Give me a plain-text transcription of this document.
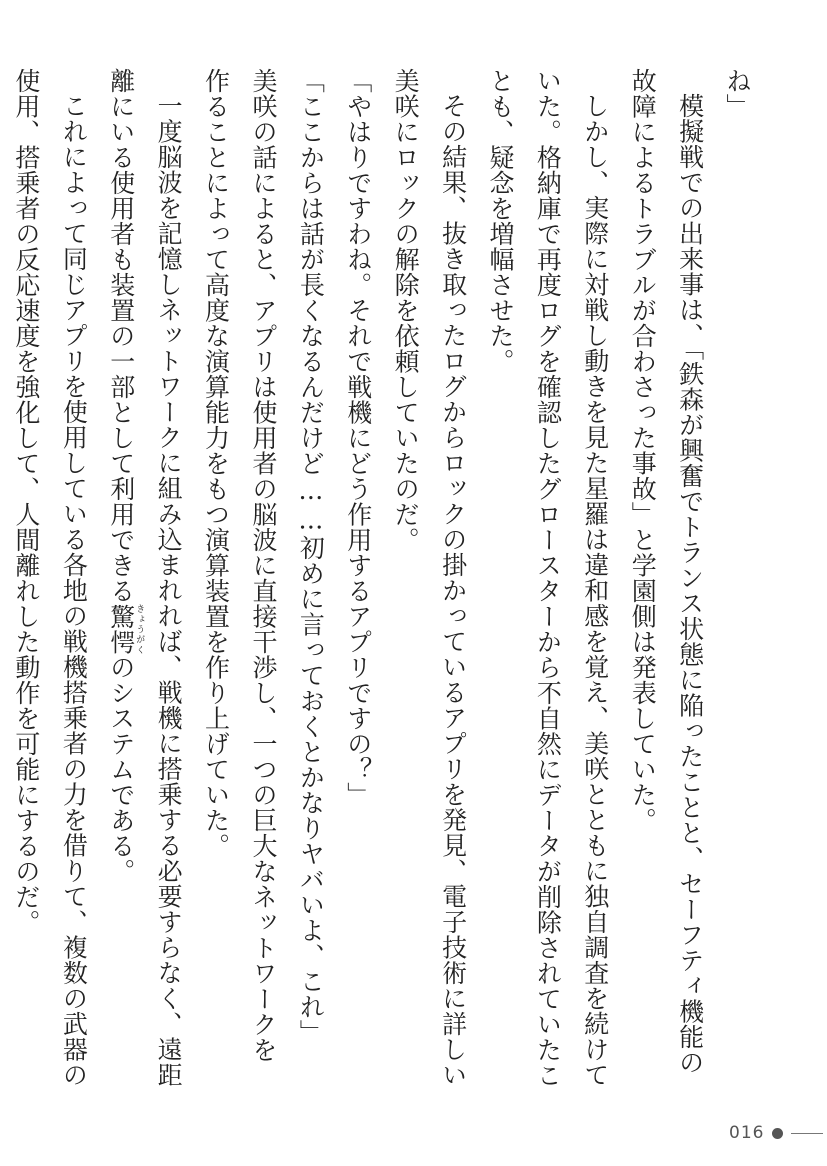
ね」

模擬戦での出来事は、「鉄森が興奮でトランス状態に陥ったことと、セーフティ機能の

故障によるトラブルが合わさった事故」と学園側は発表していた。

しかし、実際に対戦し動きを見た星羅は違和感を覚え、美咲とともに独自調査を続けて

いた。格納庫で再度ログを確認したグロースターから不自然にデータが削除されていたこ

とも、疑念を増幅させた。

その結果、抜き取ったログからロックの掛かっているアプリを発見、電子技術に詳しい

美咲にロックの解除を依頼していたのだ。

「やはりですわね。それで戦機にどう作用するアプリですの？」

「ここからは話が長くなるんだけど……初めに言っておくとかなりヤバいよ、これ」

美咲の話によると、アプリは使用者の脳波に直接干渉し、一つの巨大なネットワークを

作ることによって高度な演算能力をもつ演算装置を作り上げていた。

一度脳波を記憶しネットワークに組み込まれれば、戦機に搭乗する必要すらなく、遠距

離にいる使用者も装置の一部として利用できる驚愕きょうがくのシステムである。

これによって同じアプリを使用している各地の戦機搭乗者の力を借りて、複数の武器の

使用、搭乗者の反応速度を強化して、人間離れした動作を可能にするのだ。

016
